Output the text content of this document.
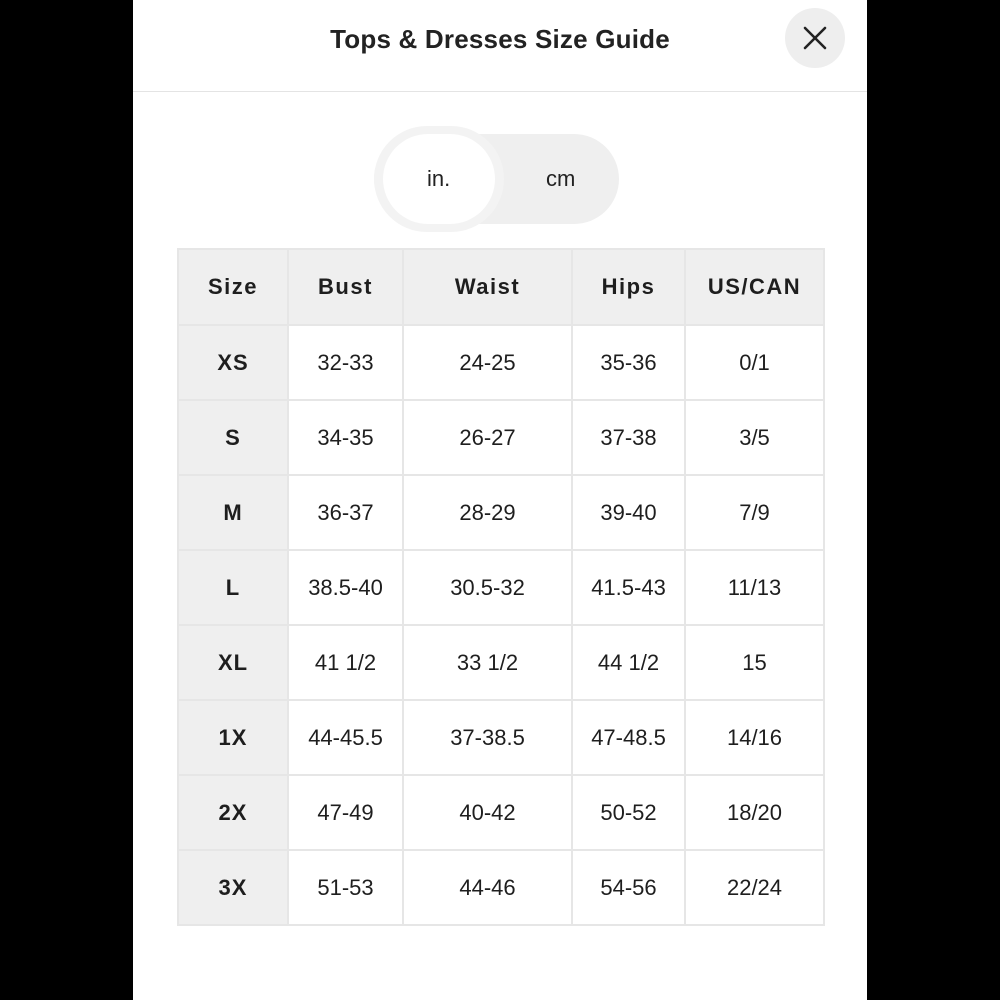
Tops & Dresses Size Guide
in.	cm
Size	Bust	Waist	Hips	US/CAN
XS	32-33	24-25	35-36	0/1
S	34-35	26-27	37-38	3/5
M	36-37	28-29	39-40	7/9
L	38.5-40	30.5-32	41.5-43	11/13
XL	41 1/2	33 1/2	44 1/2	15
1X	44-45.5	37-38.5	47-48.5	14/16
2X	47-49	40-42	50-52	18/20
3X	51-53	44-46	54-56	22/24
